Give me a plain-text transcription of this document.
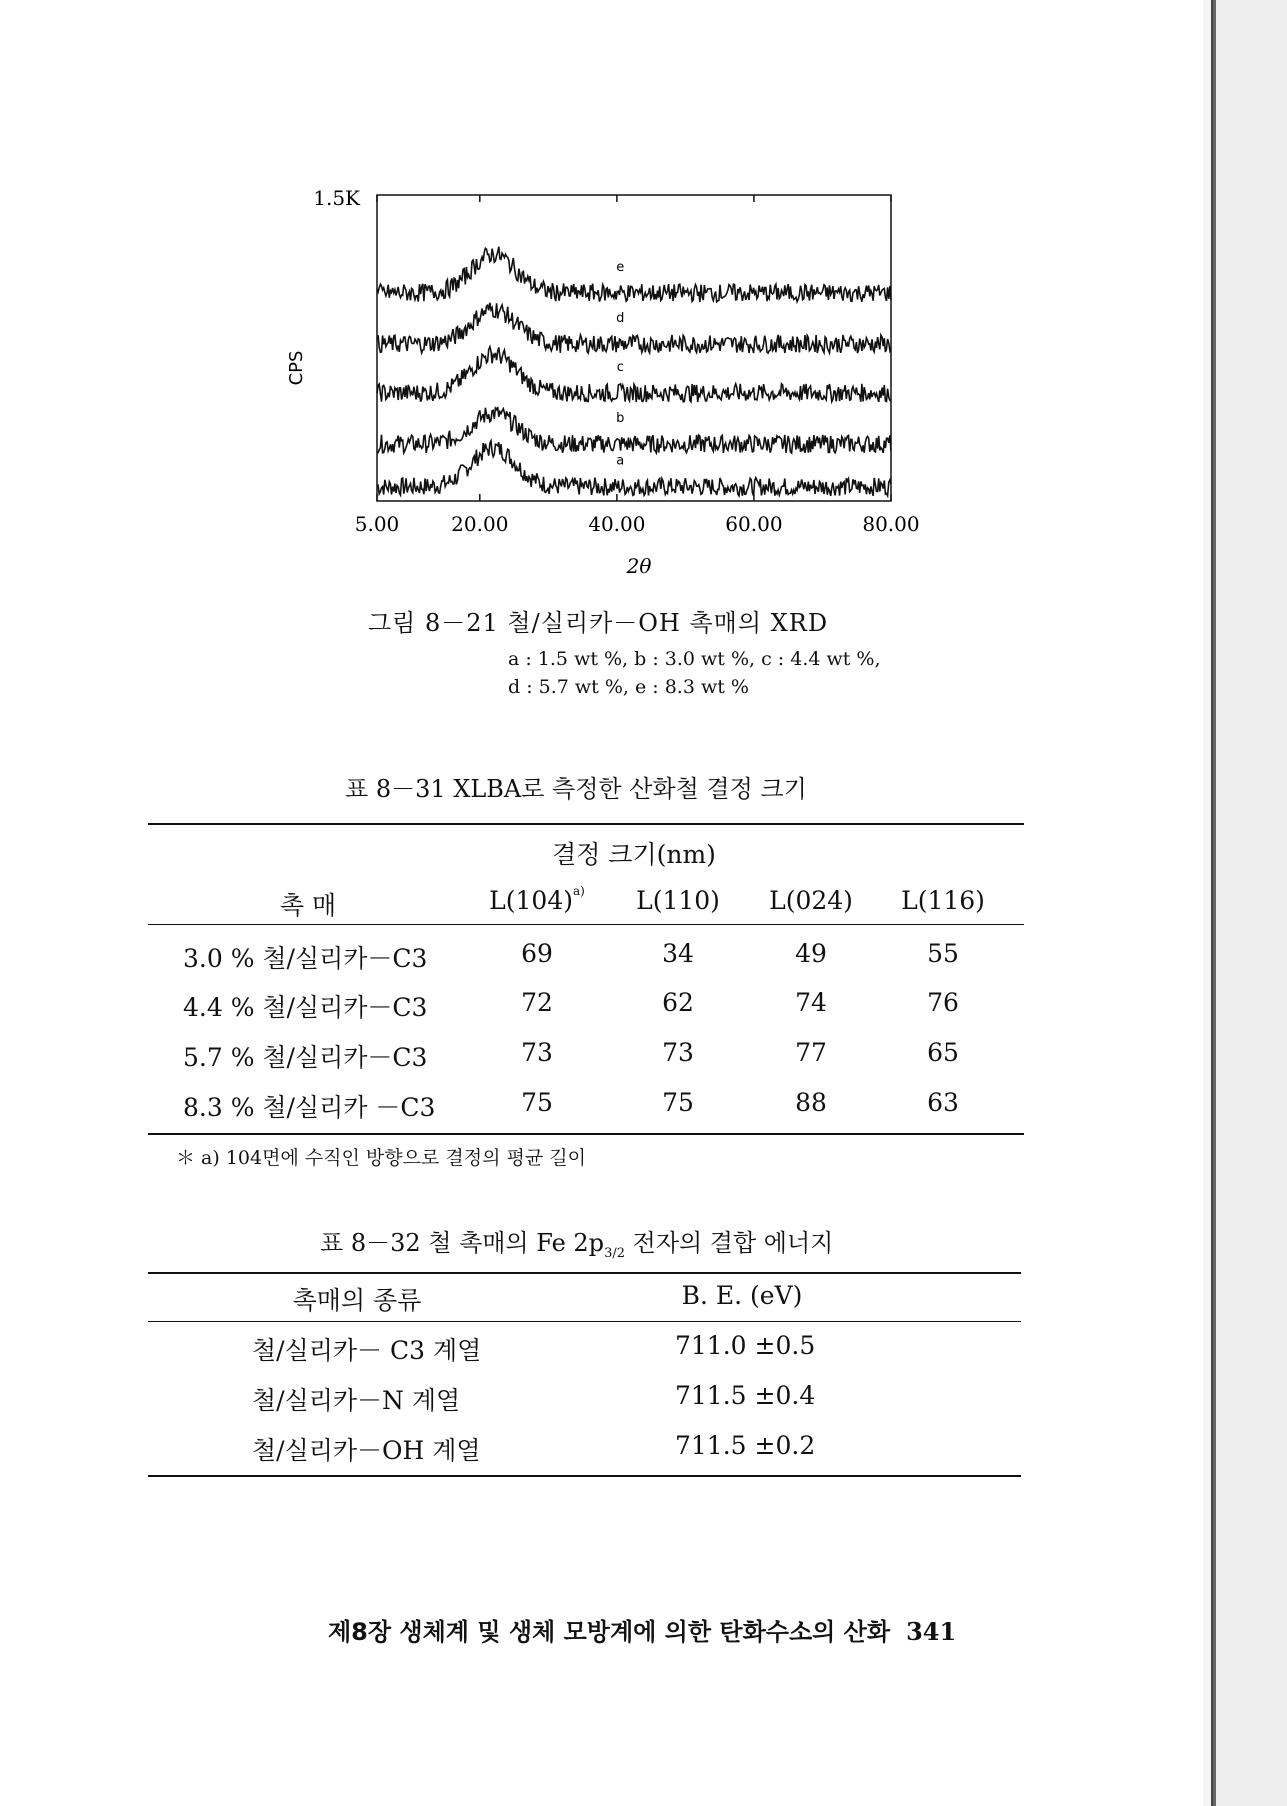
1.5K
CPS
5.00	20.00	40.00	60.00	80.00
a
b
c
d
e
2θ
그림 8－21 철/실리카－OH 촉매의 XRD
a : 1.5 wt %, b : 3.0 wt %, c : 4.4 wt %,
d : 5.7 wt %, e : 8.3 wt %
표 8－31 XLBA로 측정한 산화철 결정 크기
결정 크기(nm)
촉 매	$L(104)^{a)}$ L(110) L(024) L(116)
3.0 % 철/실리카－C3	69	34	49	55
4.4 % 철/실리카－C3	72	62	74	76
5.7 % 철/실리카－C3	73	73	77	65
8.3 % 철/실리카 －C3	75	75	88	63
＊ a) 104면에 수직인 방향으로 결정의 평균 길이
표 8－32 철 촉매의 Fe $2p_{3/2}$ 전자의 결합 에너지
촉매의 종류	B. E. (eV)
철/실리카－ C3 계열	711.0 ±0.5
철/실리카－N 계열	711.5 ±0.4
철/실리카－OH 계열	711.5 ±0.2
제8장 생체계 및 생체 모방계에 의한 탄화수소의 산화 341
